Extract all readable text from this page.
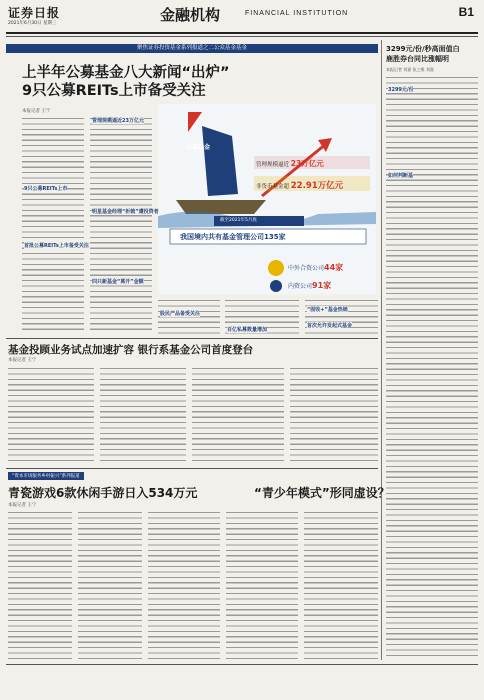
证券日报
2021年6月30日 星期三	金融机构	FINANCIAL INSTITUTION	B1
聚焦证券投资基金系列报道之二公众基金基金
上半年公募基金八大新闻“出炉”
9只公募REITs上市备受关注
本报记者 王宁
公募基金
管理规模逼近 23万亿元
非货币基金超 22.91万亿元
截至2021年5月底
我国境内共有基金管理公司135家
中外合资公司44家
内资公司91家
9只公募REITs上市
首批公募REITs上市备受关注
管理规模逼近23万亿元
明星基金经理“折戟”遭投资者
四只新基金“离开”金额
股民产品备受关注
“固收+”基金热销
百亿私募数量增加
首次允许发起式基金
3299元/份/秒高面值白
鹿胜券台同比涨幅明
本报记者 刘嘉 张之维 刘嘉
3299元/份
如何判断基
基金投顾业务试点加速扩容 银行系基金公司首度登台
本报记者 王宁
“资本市场服务乡村振兴”系列报道
青瓷游戏6款休闲手游日入534万元	“青少年模式”形同虚设？
本报记者 王宁
